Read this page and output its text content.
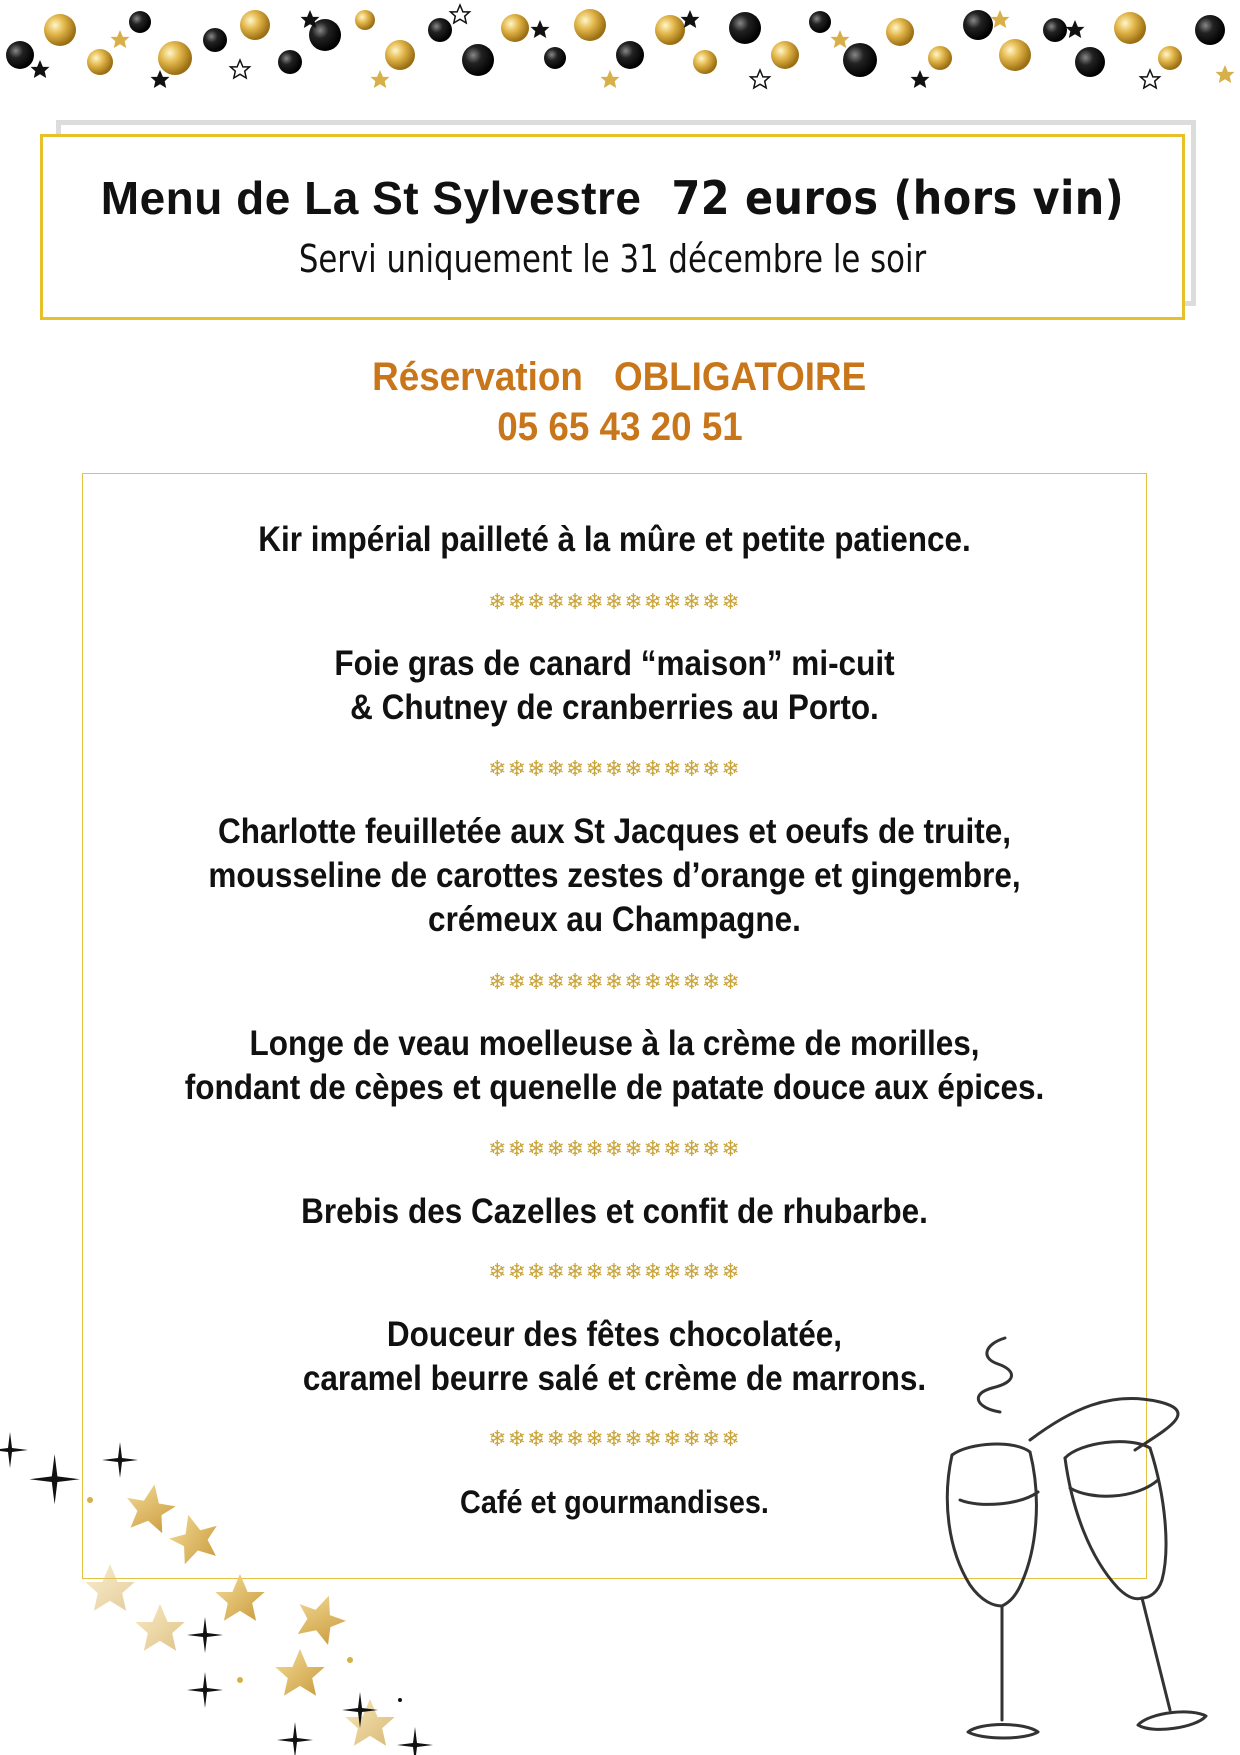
Menu de La St Sylvestre 72 euros (hors vin)
Servi uniquement le 31 décembre le soir
Réservation OBLIGATOIRE
05 65 43 20 51
Kir impérial pailleté à la mûre et petite patience.
❄❄❄❄❄❄❄❄❄❄❄❄❄
Foie gras de canard “maison” mi-cuit
& Chutney de cranberries au Porto.
❄❄❄❄❄❄❄❄❄❄❄❄❄
Charlotte feuilletée aux St Jacques et oeufs de truite,
mousseline de carottes zestes d’orange et gingembre,
crémeux au Champagne.
❄❄❄❄❄❄❄❄❄❄❄❄❄
Longe de veau moelleuse à la crème de morilles,
fondant de cèpes et quenelle de patate douce aux épices.
❄❄❄❄❄❄❄❄❄❄❄❄❄
Brebis des Cazelles et confit de rhubarbe.
❄❄❄❄❄❄❄❄❄❄❄❄❄
Douceur des fêtes chocolatée,
caramel beurre salé et crème de marrons.
❄❄❄❄❄❄❄❄❄❄❄❄❄
Café et gourmandises.
